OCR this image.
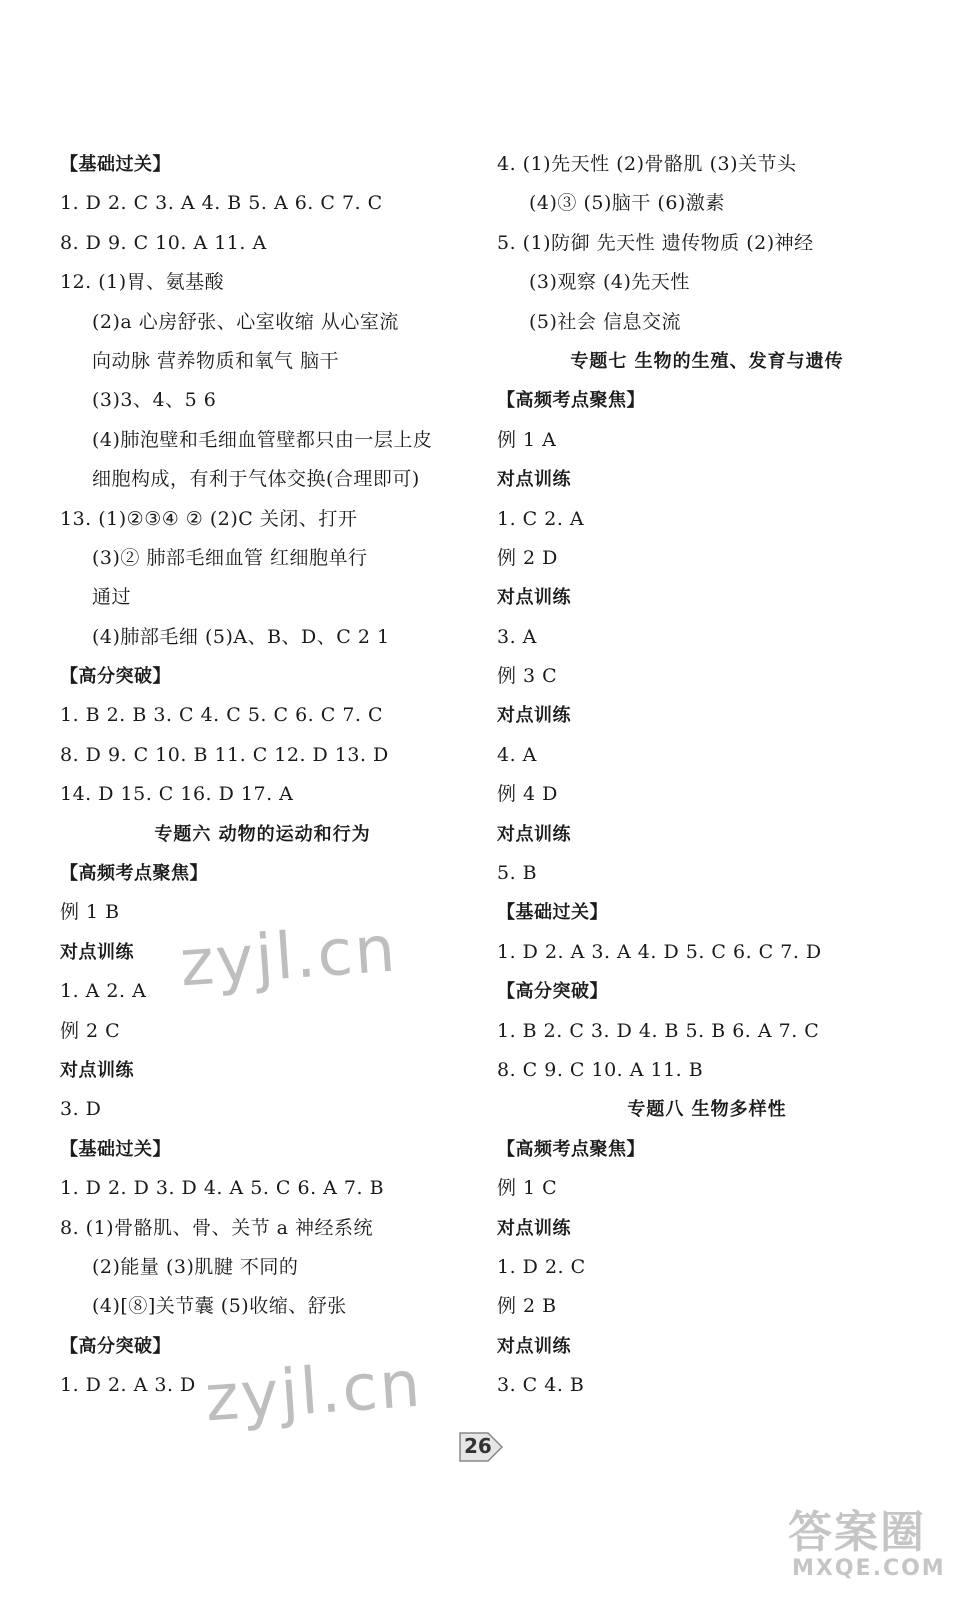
【基础过关】
1. D 2. C 3. A 4. B 5. A 6. C 7. C
8. D 9. C 10. A 11. A
12. (1)胃、氨基酸
(2)a 心房舒张、心室收缩 从心室流
向动脉 营养物质和氧气 脑干
(3)3、4、5 6
(4)肺泡壁和毛细血管壁都只由一层上皮
细胞构成，有利于气体交换(合理即可)
13. (1)②③④ ② (2)C 关闭、打开
(3)② 肺部毛细血管 红细胞单行
通过
(4)肺部毛细 (5)A、B、D、C 2 1
【高分突破】
1. B 2. B 3. C 4. C 5. C 6. C 7. C
8. D 9. C 10. B 11. C 12. D 13. D
14. D 15. C 16. D 17. A
专题六 动物的运动和行为
【高频考点聚焦】
例 1 B
对点训练
1. A 2. A
例 2 C
对点训练
3. D
【基础过关】
1. D 2. D 3. D 4. A 5. C 6. A 7. B
8. (1)骨骼肌、骨、关节 a 神经系统
(2)能量 (3)肌腱 不同的
(4)[⑧]关节囊 (5)收缩、舒张
【高分突破】
1. D 2. A 3. D
4. (1)先天性 (2)骨骼肌 (3)关节头
(4)③ (5)脑干 (6)激素
5. (1)防御 先天性 遗传物质 (2)神经
(3)观察 (4)先天性
(5)社会 信息交流
专题七 生物的生殖、发育与遗传
【高频考点聚焦】
例 1 A
对点训练
1. C 2. A
例 2 D
对点训练
3. A
例 3 C
对点训练
4. A
例 4 D
对点训练
5. B
【基础过关】
1. D 2. A 3. A 4. D 5. C 6. C 7. D
【高分突破】
1. B 2. C 3. D 4. B 5. B 6. A 7. C
8. C 9. C 10. A 11. B
专题八 生物多样性
【高频考点聚焦】
例 1 C
对点训练
1. D 2. C
例 2 B
对点训练
3. C 4. B
zyjl.cn
zyjl.cn
26
答案圈
MXQE.COM
